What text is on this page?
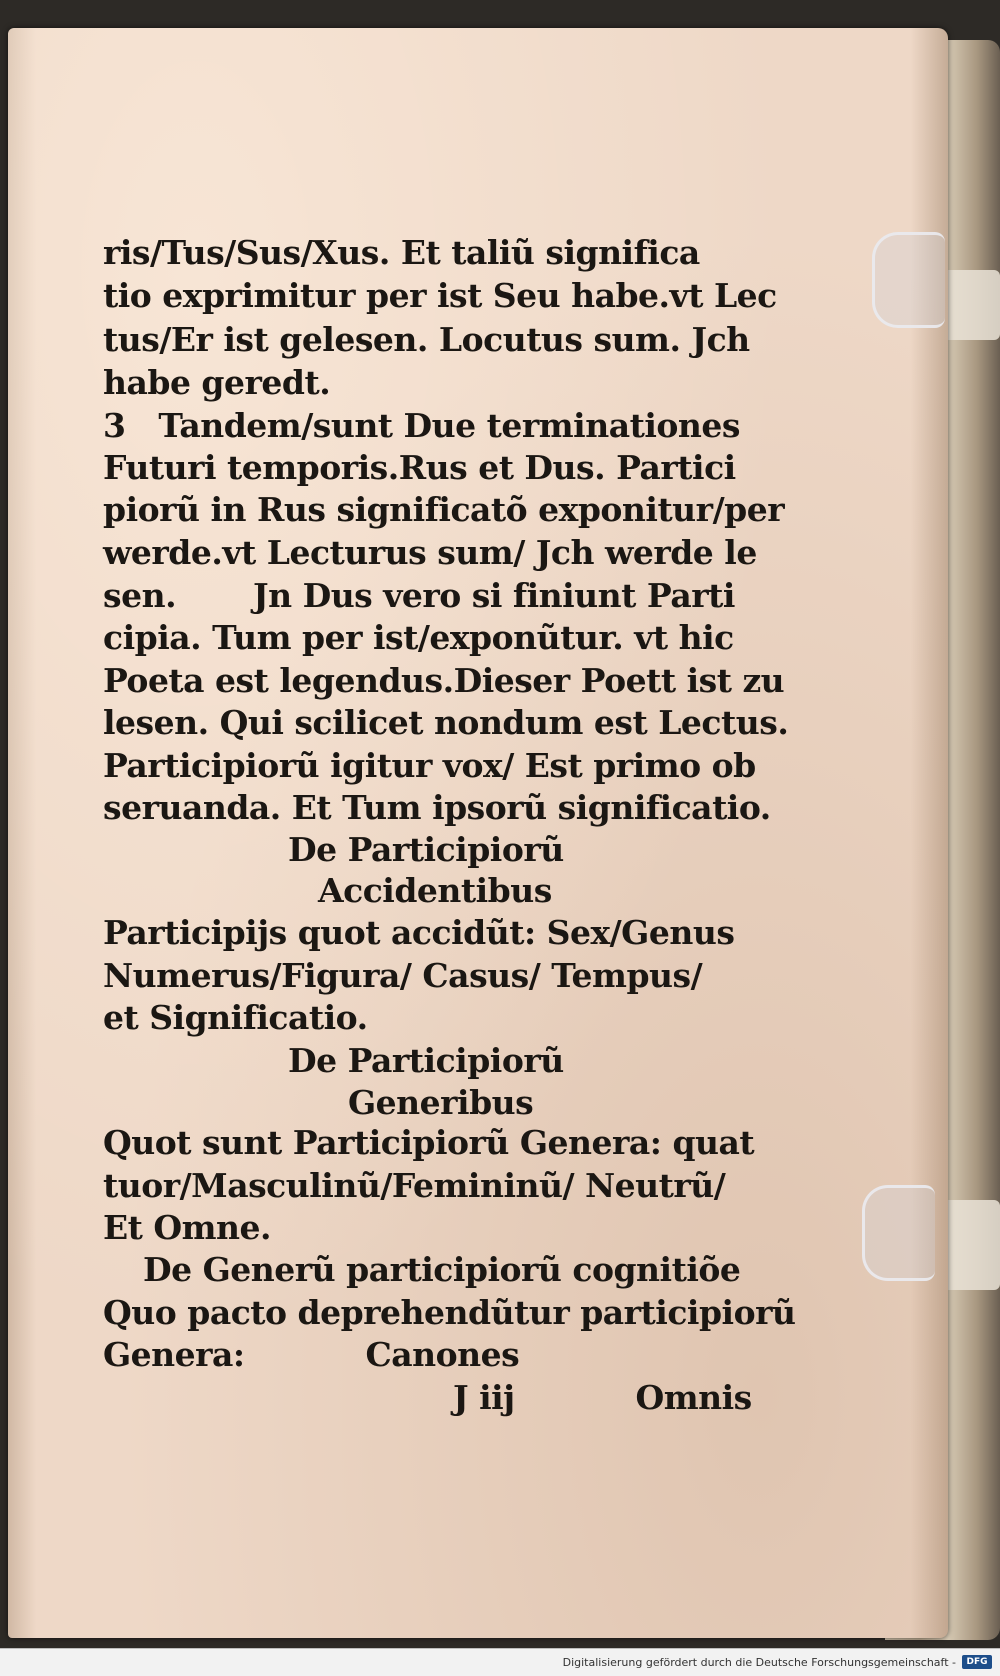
ris/Tus/Sus/Xus. Et taliũ significa
tio exprimitur per ist Seu habe.vt Lec
tus/Er ist gelesen. Locutus sum. Jch
habe geredt.
3   Tandem/sunt Due terminationes
Futuri temporis.Rus et Dus. Partici
piorũ in Rus significatõ exponitur/per
werde.vt Lecturus sum/ Jch werde le
sen.       Jn Dus vero si finiunt Parti
cipia. Tum per ist/exponũtur. vt hic
Poeta est legendus.Dieser Poett ist zu
lesen. Qui scilicet nondum est Lectus.
Participiorũ igitur vox/ Est primo ob
seruanda. Et Tum ipsorũ significatio.
De Participiorũ
Accidentibus
Participijs quot accidũt: Sex/Genus
Numerus/Figura/ Casus/ Tempus/
et Significatio.
De Participiorũ
Generibus
Quot sunt Participiorũ Genera: quat
tuor/Masculinũ/Femininũ/ Neutrũ/
Et Omne.
De Generũ participiorũ cognitiõe
Quo pacto deprehendũtur participiorũ
Genera:           Canones
J iij           Omnis
Digitalisierung gefördert durch die Deutsche Forschungsgemeinschaft -	DFG
